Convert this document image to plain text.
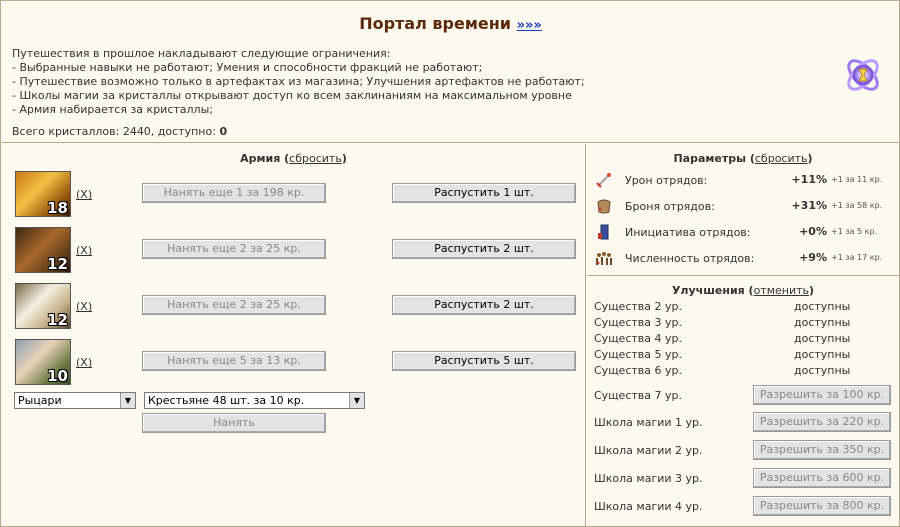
Портал времени »»»
Путешествия в прошлое накладывают следующие ограничения:
- Выбранные навыки не работают; Умения и способности фракций не работают;
- Путешествие возможно только в артефактах из магазина; Улучшения артефактов не работают;
- Школы магии за кристаллы открывают доступ ко всем заклинаниям на максимальном уровне
- Армия набирается за кристаллы;
Всего кристаллов: 2440, доступно: 0
Армия (сбросить)
18
(X)	Нанять еще 1 за 198 кр.	Распустить 1 шт.
12
(X)	Нанять еще 2 за 25 кр.	Распустить 2 шт.
12
(X)	Нанять еще 2 за 25 кр.	Распустить 2 шт.
10
(X)	Нанять еще 5 за 13 кр.	Распустить 5 шт.
Рыцари	▼	Крестьяне 48 шт. за 10 кр.	▼
Нанять
Параметры (сбросить)
Урон отрядов:	+11% +1 за 11 кр.
Броня отрядов:	+31% +1 за 58 кр.
Инициатива отрядов:	+0% +1 за 5 кр.
Численность отрядов:	+9% +1 за 17 кр.
Улучшения (отменить)
Существа 2 ур.	доступны
Существа 3 ур.	доступны
Существа 4 ур.	доступны
Существа 5 ур.	доступны
Существа 6 ур.	доступны
Существа 7 ур.	Разрешить за 100 кр.
Школа магии 1 ур.	Разрешить за 220 кр.
Школа магии 2 ур.	Разрешить за 350 кр.
Школа магии 3 ур.	Разрешить за 600 кр.
Школа магии 4 ур.	Разрешить за 800 кр.
